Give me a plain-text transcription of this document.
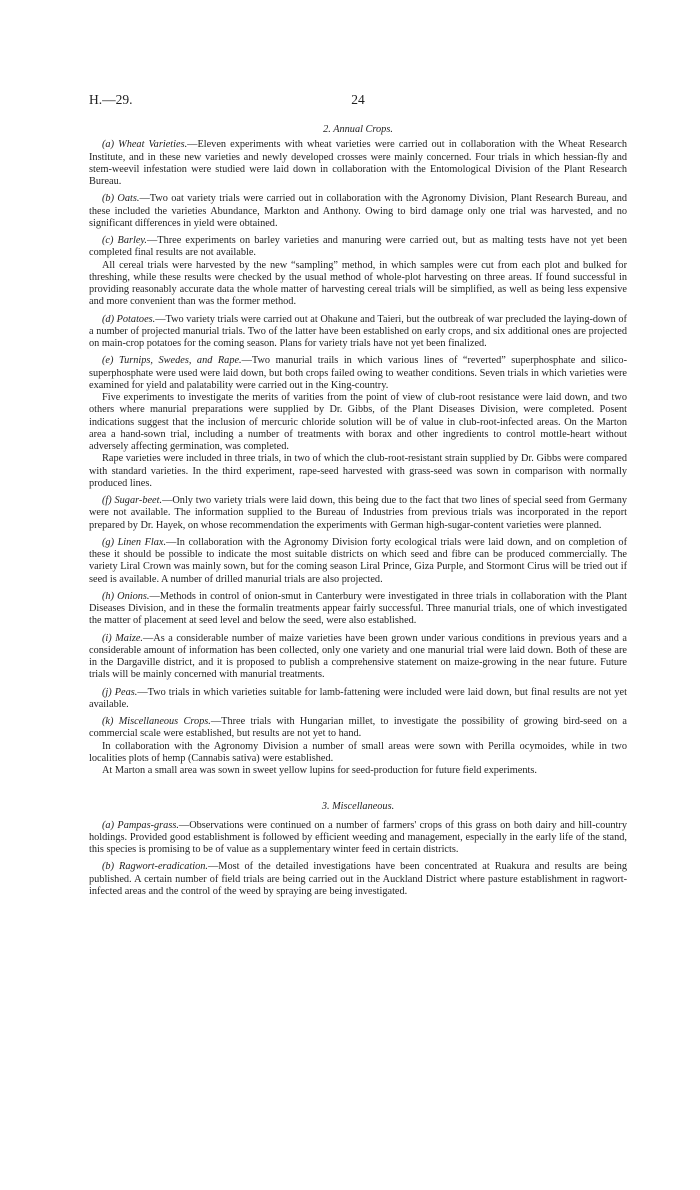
H.—29.	24
2. Annual Crops.

(a) Wheat Varieties.—Eleven experiments with wheat varieties were carried out in collaboration with the Wheat Research Institute, and in these new varieties and newly developed crosses were mainly concerned. Four trials in which hessian-fly and stem-weevil infestation were studied were laid down in collaboration with the Entomological Division of the Plant Research Bureau.

(b) Oats.—Two oat variety trials were carried out in collaboration with the Agronomy Division, Plant Research Bureau, and these included the varieties Abundance, Markton and Anthony. Owing to bird damage only one trial was harvested, and no significant differences in yield were obtained.

(c) Barley.—Three experiments on barley varieties and manuring were carried out, but as malting tests have not yet been completed final results are not available.

All cereal trials were harvested by the new “sampling” method, in which samples were cut from each plot and bulked for threshing, while these results were checked by the usual method of whole-plot harvesting on three areas. If found successful in providing reasonably accurate data the whole matter of harvesting cereal trials will be simplified, as well as being less expensive and more convenient than was the former method.

(d) Potatoes.—Two variety trials were carried out at Ohakune and Taieri, but the outbreak of war precluded the laying-down of a number of projected manurial trials. Two of the latter have been established on early crops, and six additional ones are projected on main-crop potatoes for the coming season. Plans for variety trials have not yet been finalized.

(e) Turnips, Swedes, and Rape.—Two manurial trails in which various lines of “reverted” superphosphate and silico-superphosphate were used were laid down, but both crops failed owing to weather conditions. Seven trials in which varieties were examined for yield and palatability were carried out in the King-country.

Five experiments to investigate the merits of varities from the point of view of club-root resistance were laid down, and two others where manurial preparations were supplied by Dr. Gibbs, of the Plant Diseases Division, were completed. Posent indications suggest that the inclusion of mercuric chloride solution will be of value in club-root-infected areas. On the Marton area a hand-sown trial, including a number of treatments with borax and other ingredients to control mottle-heart without adversely affecting germination, was completed.

Rape varieties were included in three trials, in two of which the club-root-resistant strain supplied by Dr. Gibbs were compared with standard varieties. In the third experiment, rape-seed harvested with grass-seed was sown in comparison with normally produced lines.

(f) Sugar-beet.—Only two variety trials were laid down, this being due to the fact that two lines of special seed from Germany were not available. The information supplied to the Bureau of Industries from previous trials was incorporated in the report prepared by Dr. Hayek, on whose recommendation the experiments with German high-sugar-content varieties were planned.

(g) Linen Flax.—In collaboration with the Agronomy Division forty ecological trials were laid down, and on completion of these it should be possible to indicate the most suitable districts on which seed and fibre can be produced commercially. The variety Liral Crown was mainly sown, but for the coming season Liral Prince, Giza Purple, and Stormont Cirus will be tried out if seed is available. A number of drilled manurial trials are also projected.

(h) Onions.—Methods in control of onion-smut in Canterbury were investigated in three trials in collaboration with the Plant Diseases Division, and in these the formalin treatments appear fairly successful. Three manurial trials, one of which investigated the matter of placement at seed level and below the seed, were also established.

(i) Maize.—As a considerable number of maize varieties have been grown under various conditions in previous years and a considerable amount of information has been collected, only one variety and one manurial trial were laid down. Both of these are in the Dargaville district, and it is proposed to publish a comprehensive statement on maize-growing in the near future. Future trials will be mainly concerned with manurial treatments.

(j) Peas.—Two trials in which varieties suitable for lamb-fattening were included were laid down, but final results are not yet available.

(k) Miscellaneous Crops.—Three trials with Hungarian millet, to investigate the possibility of growing bird-seed on a commercial scale were established, but results are not yet to hand.

In collaboration with the Agronomy Division a number of small areas were sown with Perilla ocymoides, while in two localities plots of hemp (Cannabis sativa) were established.

At Marton a small area was sown in sweet yellow lupins for seed-production for future field experiments.

3. Miscellaneous.

(a) Pampas-grass.—Observations were continued on a number of farmers' crops of this grass on both dairy and hill-country holdings. Provided good establishment is followed by efficient weeding and management, especially in the early life of the stand, this species is promising to be of value as a supplementary winter feed in certain districts.

(b) Ragwort-eradication.—Most of the detailed investigations have been concentrated at Ruakura and results are being published. A certain number of field trials are being carried out in the Auckland District where pasture establishment in ragwort-infected areas and the control of the weed by spraying are being investigated.
